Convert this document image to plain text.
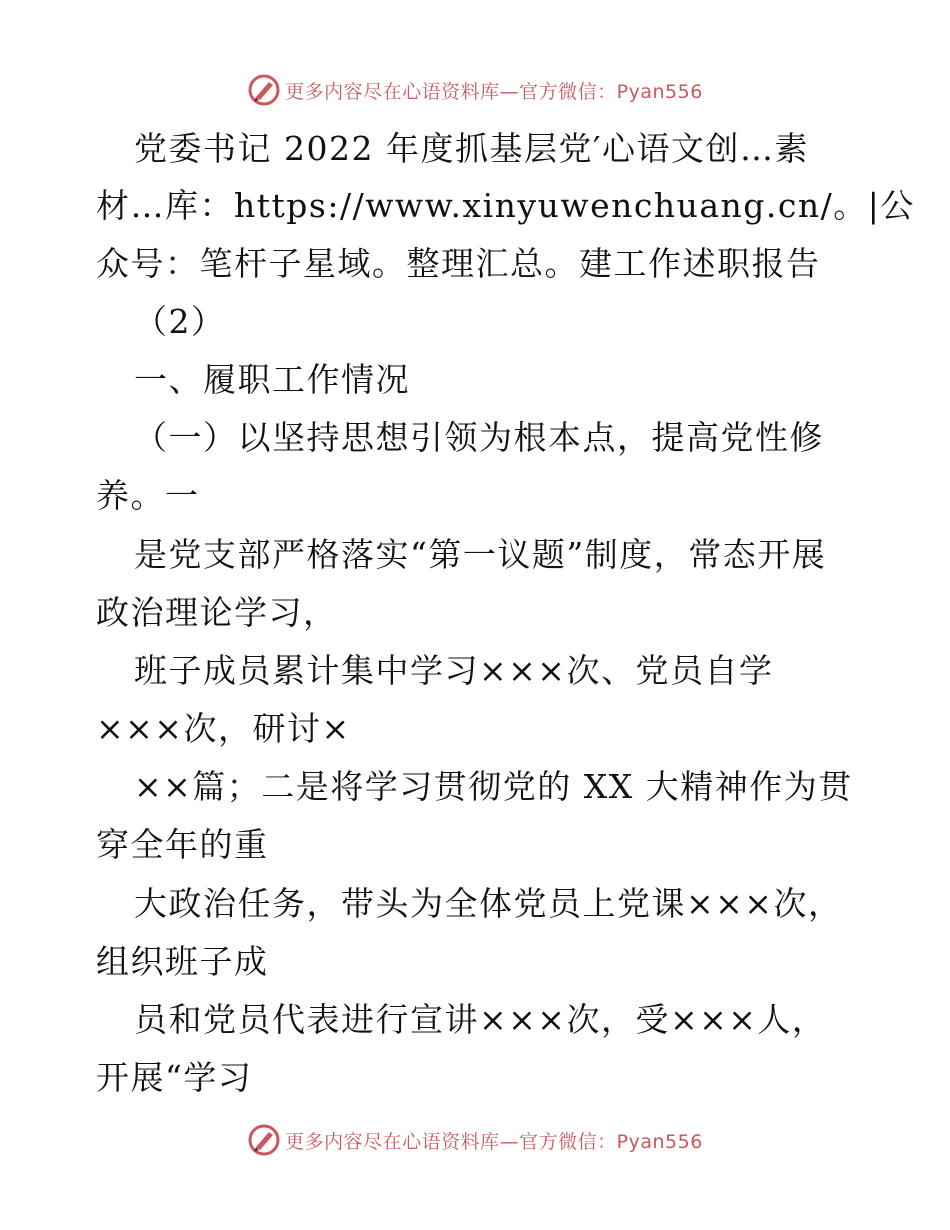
更多内容尽在心语资料库—官方微信：Pyan556
党委书记 2022 年度抓基层党′心语文创…素
材…库：https://www.xinyuwenchuang.cn/。|公
众号：笔杆子星域。整理汇总。建工作述职报告
（2）
一、履职工作情况
（一）以坚持思想引领为根本点，提高党性修
养。一
是党支部严格落实“第一议题”制度，常态开展
政治理论学习，
班子成员累计集中学习×××次、党员自学
×××次，研讨×
××篇；二是将学习贯彻党的 XX 大精神作为贯
穿全年的重
大政治任务，带头为全体党员上党课×××次，
组织班子成
员和党员代表进行宣讲×××次，受×××人，
开展“学习
更多内容尽在心语资料库—官方微信：Pyan556
